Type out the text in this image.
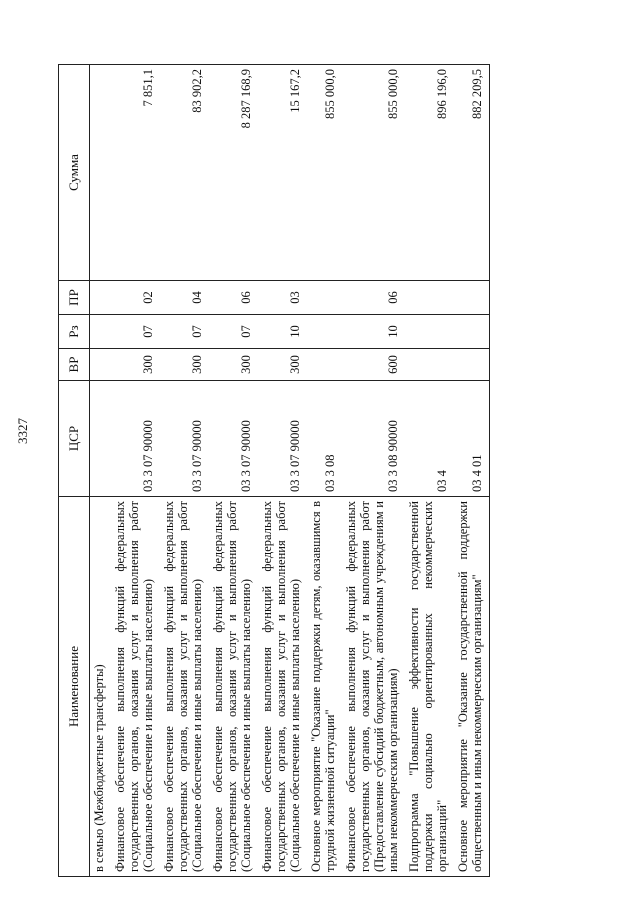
3327
Наименование	ЦСР	ВР	Рз	ПР	Сумма
в семью (Межбюджетные трансферты)					
Финансовое обеспечение выполнения функций федеральных государственных органов, оказания услуг и выполнения работ (Социальное обеспечение и иные выплаты населению)	03 3 07 90000	300	07	02	7 851,1
Финансовое обеспечение выполнения функций федеральных государственных органов, оказания услуг и выполнения работ (Социальное обеспечение и иные выплаты населению)	03 3 07 90000	300	07	04	83 902,2
Финансовое обеспечение выполнения функций федеральных государственных органов, оказания услуг и выполнения работ (Социальное обеспечение и иные выплаты населению)	03 3 07 90000	300	07	06	8 287 168,9
Финансовое обеспечение выполнения функций федеральных государственных органов, оказания услуг и выполнения работ (Социальное обеспечение и иные выплаты населению)	03 3 07 90000	300	10	03	15 167,2
Основное мероприятие "Оказание поддержки детям, оказавшимся в трудной жизненной ситуации"	03 3 08				855 000,0
Финансовое обеспечение выполнения функций федеральных государственных органов, оказания услуг и выполнения работ (Предоставление субсидий бюджетным, автономным учреждениям и иным некоммерческим организациям)	03 3 08 90000	600	10	06	855 000,0
Подпрограмма "Повышение эффективности государственной поддержки социально ориентированных некоммерческих организаций"	03 4				896 196,0
Основное мероприятие "Оказание государственной поддержки общественным и иным некоммерческим организациям"	03 4 01				882 209,5
